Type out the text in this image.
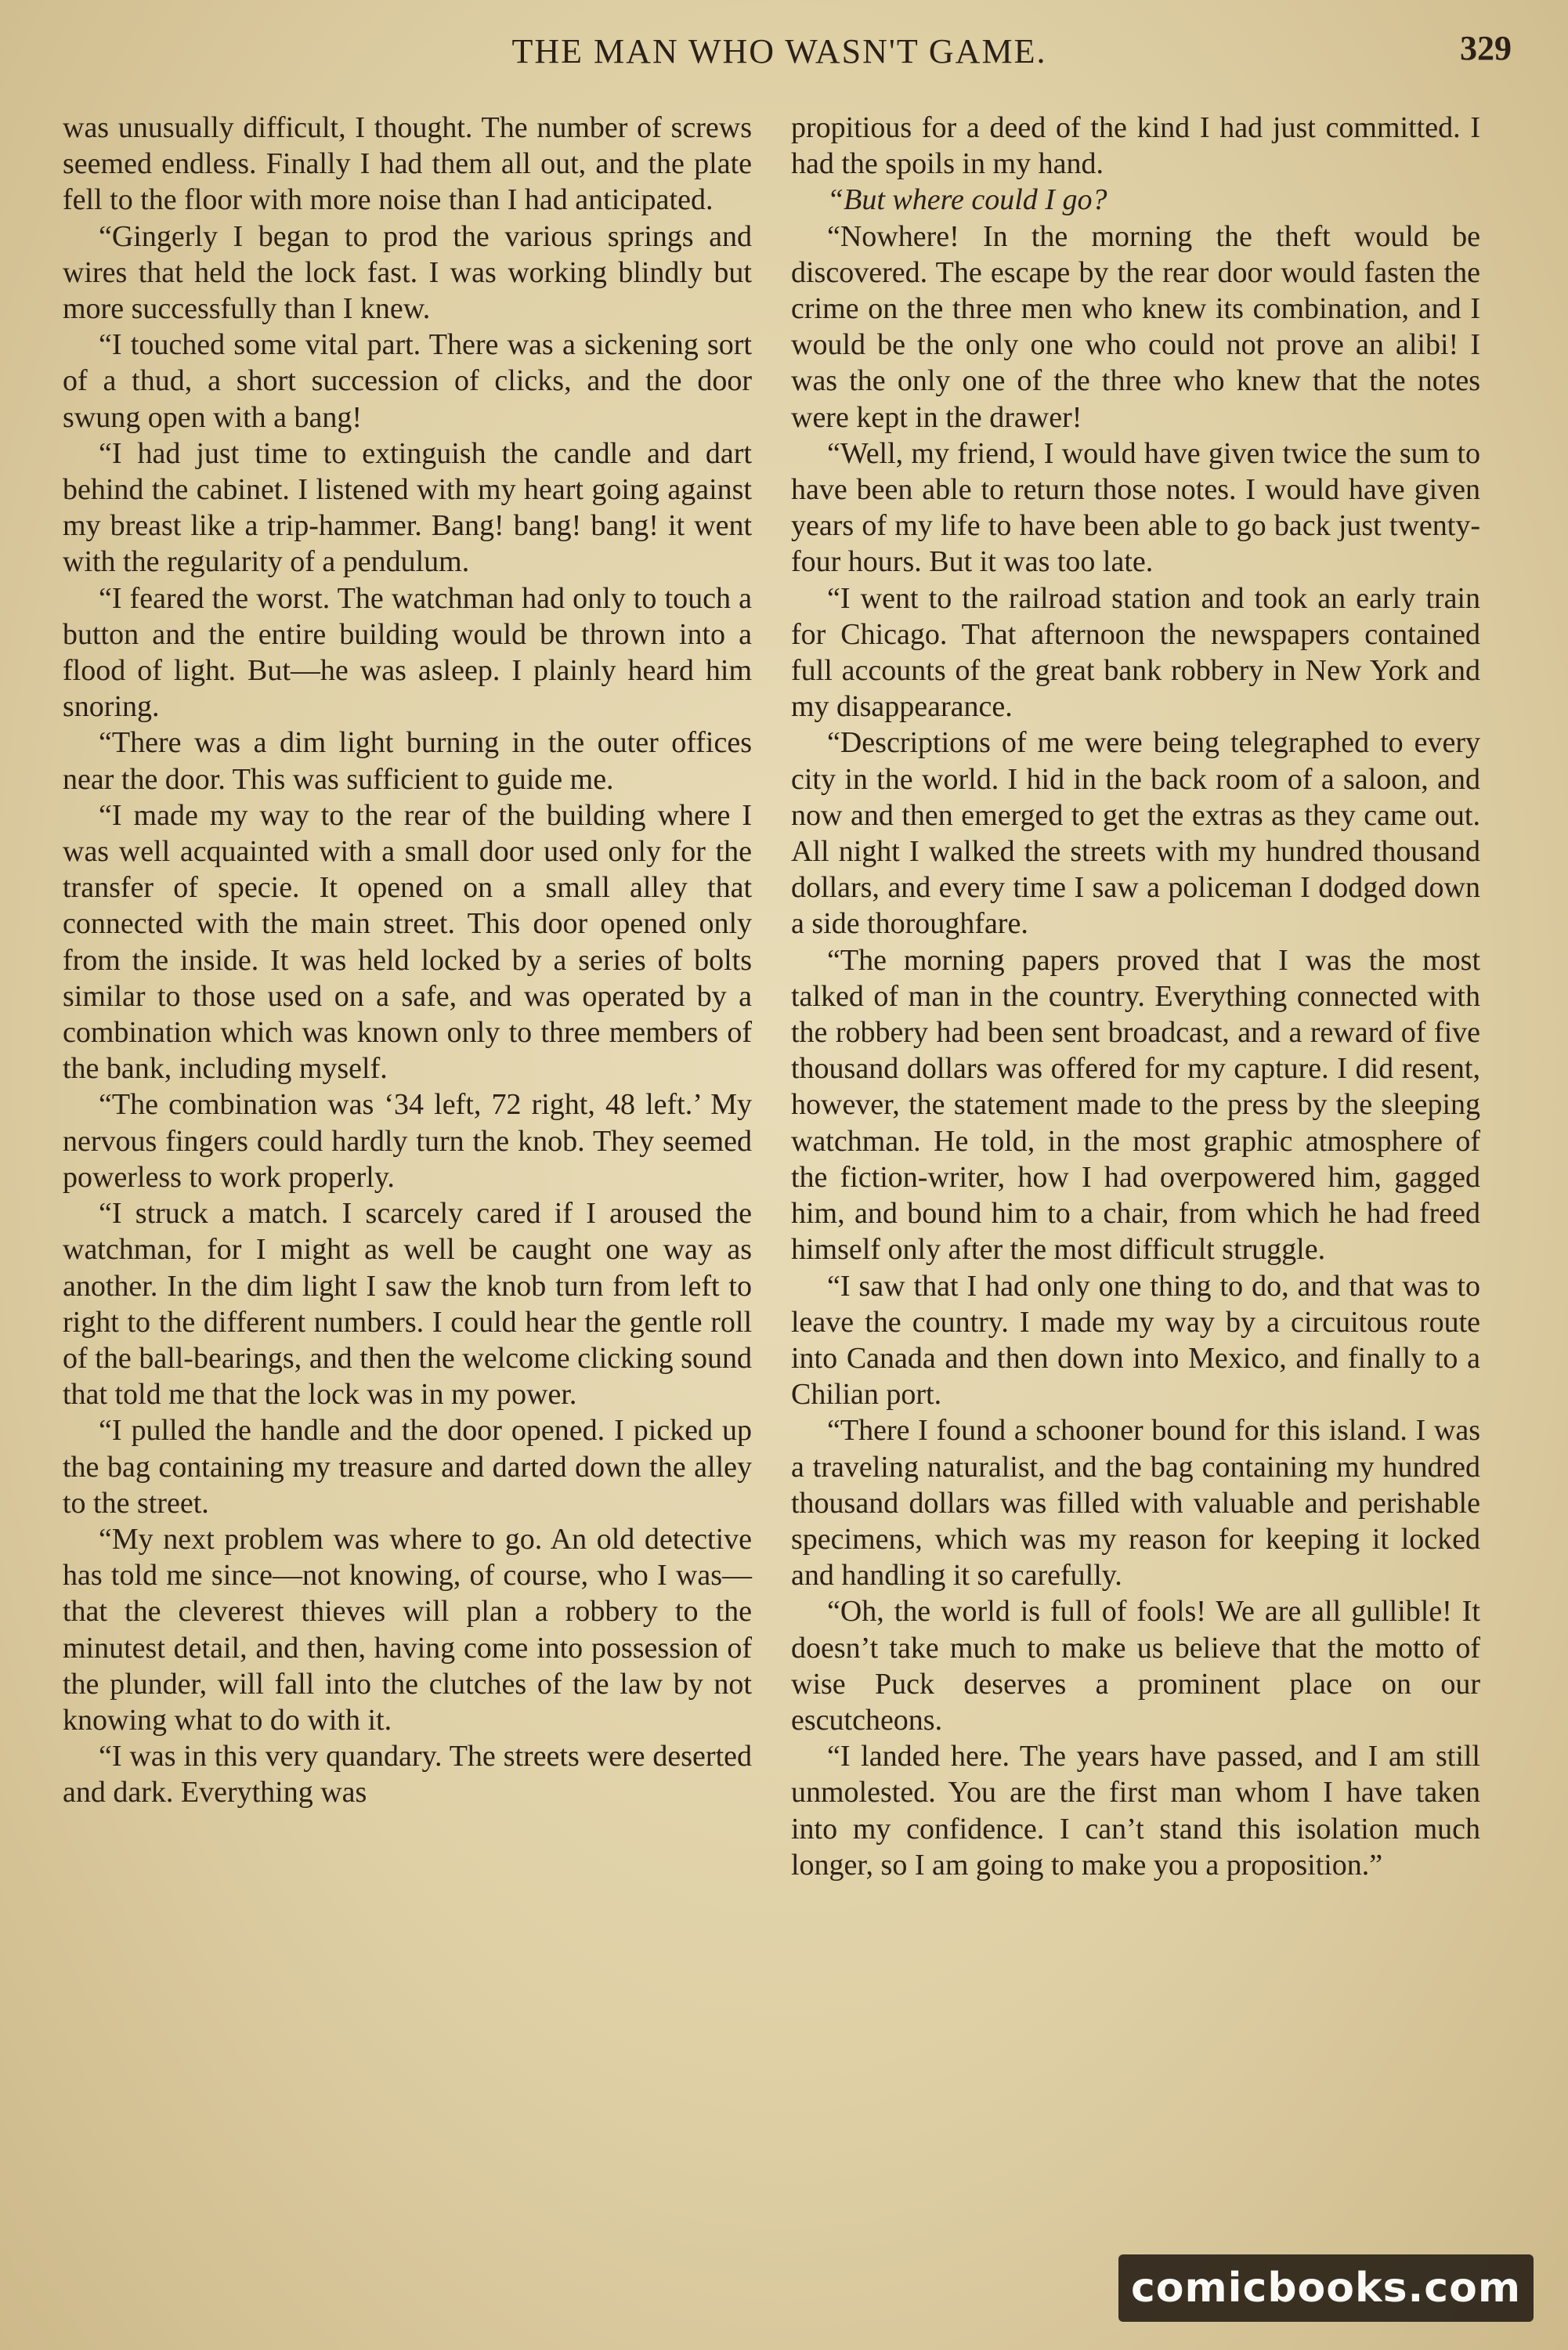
THE MAN WHO WASN'T GAME.	329

was unusually difficult, I thought. The number of screws seemed endless. Finally I had them all out, and the plate fell to the floor with more noise than I had anticipated.

“Gingerly I began to prod the various springs and wires that held the lock fast. I was working blindly but more successfully than I knew.

“I touched some vital part. There was a sickening sort of a thud, a short succession of clicks, and the door swung open with a bang!

“I had just time to extinguish the candle and dart behind the cabinet. I listened with my heart going against my breast like a trip-hammer. Bang! bang! bang! it went with the regularity of a pendulum.

“I feared the worst. The watchman had only to touch a button and the entire building would be thrown into a flood of light. But—he was asleep. I plainly heard him snoring.

“There was a dim light burning in the outer offices near the door. This was sufficient to guide me.

“I made my way to the rear of the building where I was well acquainted with a small door used only for the transfer of specie. It opened on a small alley that connected with the main street. This door opened only from the inside. It was held locked by a series of bolts similar to those used on a safe, and was operated by a combination which was known only to three members of the bank, including myself.

“The combination was ‘34 left, 72 right, 48 left.’ My nervous fingers could hardly turn the knob. They seemed powerless to work properly.

“I struck a match. I scarcely cared if I aroused the watchman, for I might as well be caught one way as another. In the dim light I saw the knob turn from left to right to the different numbers. I could hear the gentle roll of the ball-bearings, and then the welcome clicking sound that told me that the lock was in my power.

“I pulled the handle and the door opened. I picked up the bag containing my treasure and darted down the alley to the street.

“My next problem was where to go. An old detective has told me since—not knowing, of course, who I was—that the cleverest thieves will plan a robbery to the minutest detail, and then, having come into possession of the plunder, will fall into the clutches of the law by not knowing what to do with it.

“I was in this very quandary. The streets were deserted and dark. Everything was

propitious for a deed of the kind I had just committed. I had the spoils in my hand.

“But where could I go?

“Nowhere! In the morning the theft would be discovered. The escape by the rear door would fasten the crime on the three men who knew its combination, and I would be the only one who could not prove an alibi! I was the only one of the three who knew that the notes were kept in the drawer!

“Well, my friend, I would have given twice the sum to have been able to return those notes. I would have given years of my life to have been able to go back just twenty-four hours. But it was too late.

“I went to the railroad station and took an early train for Chicago. That afternoon the newspapers contained full accounts of the great bank robbery in New York and my disappearance.

“Descriptions of me were being telegraphed to every city in the world. I hid in the back room of a saloon, and now and then emerged to get the extras as they came out. All night I walked the streets with my hundred thousand dollars, and every time I saw a policeman I dodged down a side thoroughfare.

“The morning papers proved that I was the most talked of man in the country. Everything connected with the robbery had been sent broadcast, and a reward of five thousand dollars was offered for my capture. I did resent, however, the statement made to the press by the sleeping watchman. He told, in the most graphic atmosphere of the fiction-writer, how I had overpowered him, gagged him, and bound him to a chair, from which he had freed himself only after the most difficult struggle.

“I saw that I had only one thing to do, and that was to leave the country. I made my way by a circuitous route into Canada and then down into Mexico, and finally to a Chilian port.

“There I found a schooner bound for this island. I was a traveling naturalist, and the bag containing my hundred thousand dollars was filled with valuable and perishable specimens, which was my reason for keeping it locked and handling it so carefully.

“Oh, the world is full of fools! We are all gullible! It doesn’t take much to make us believe that the motto of wise Puck deserves a prominent place on our escutcheons.

“I landed here. The years have passed, and I am still unmolested. You are the first man whom I have taken into my confidence. I can’t stand this isolation much longer, so I am going to make you a proposition.”

comicbooks.com
